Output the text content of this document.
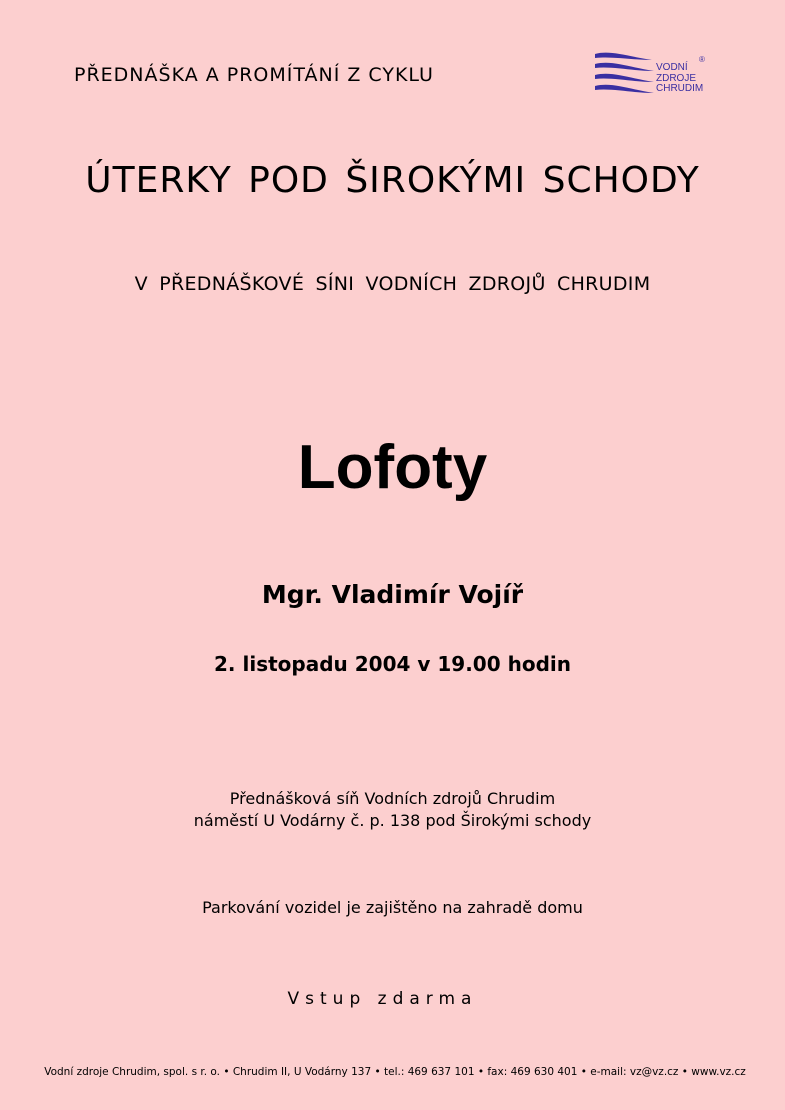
PŘEDNÁŠKA A PROMÍTÁNÍ Z CYKLU	VODNÍ
ZDROJE
CHRUDIM
®
ÚTERKY POD ŠIROKÝMI SCHODY
V PŘEDNÁŠKOVÉ SÍNI VODNÍCH ZDROJŮ CHRUDIM
Lofoty
Mgr. Vladimír Vojíř
2. listopadu 2004 v 19.00 hodin
Přednášková síň Vodních zdrojů Chrudim
náměstí U Vodárny č. p. 138 pod Širokými schody
Parkování vozidel je zajištěno na zahradě domu
Vstup zdarma
Vodní zdroje Chrudim, spol. s r. o. • Chrudim II, U Vodárny 137 • tel.: 469 637 101 • fax: 469 630 401 • e-mail: vz@vz.cz • www.vz.cz
